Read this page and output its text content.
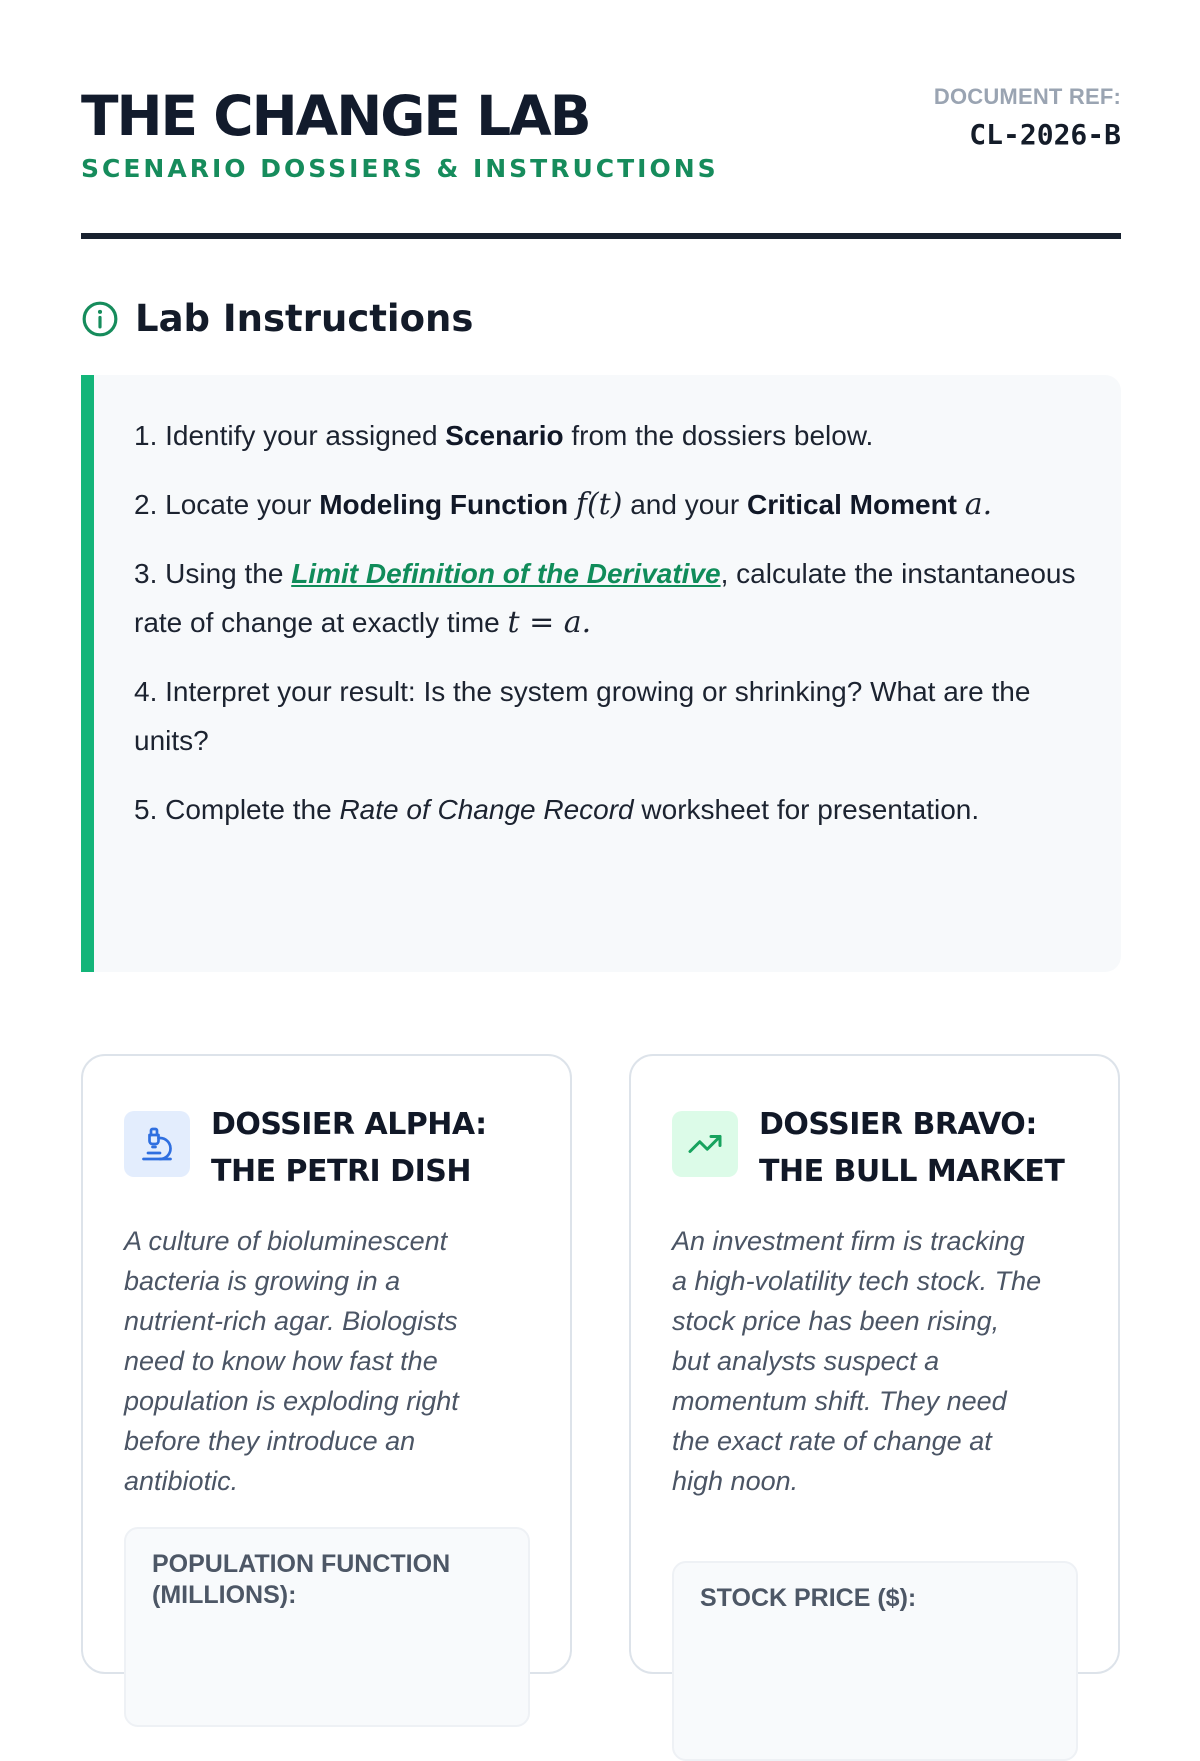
THE CHANGE LAB
SCENARIO DOSSIERS & INSTRUCTIONS
DOCUMENT REF:
CL-2026-B
Lab Instructions
1. Identify your assigned Scenario from the dossiers below.
2. Locate your Modeling Function f(t) and your Critical Moment a.
3. Using the Limit Definition of the Derivative, calculate the instantaneous rate of change at exactly time t = a.
4. Interpret your result: Is the system growing or shrinking? What are the units?
5. Complete the Rate of Change Record worksheet for presentation.
DOSSIER ALPHA: THE PETRI DISH

A culture of bioluminescent bacteria is growing in a nutrient-rich agar. Biologists need to know how fast the population is exploding right before they introduce an antibiotic.

POPULATION FUNCTION (MILLIONS):

DOSSIER BRAVO: THE BULL MARKET

An investment firm is tracking a high-volatility tech stock. The stock price has been rising, but analysts suspect a momentum shift. They need the exact rate of change at high noon.

STOCK PRICE ($):
